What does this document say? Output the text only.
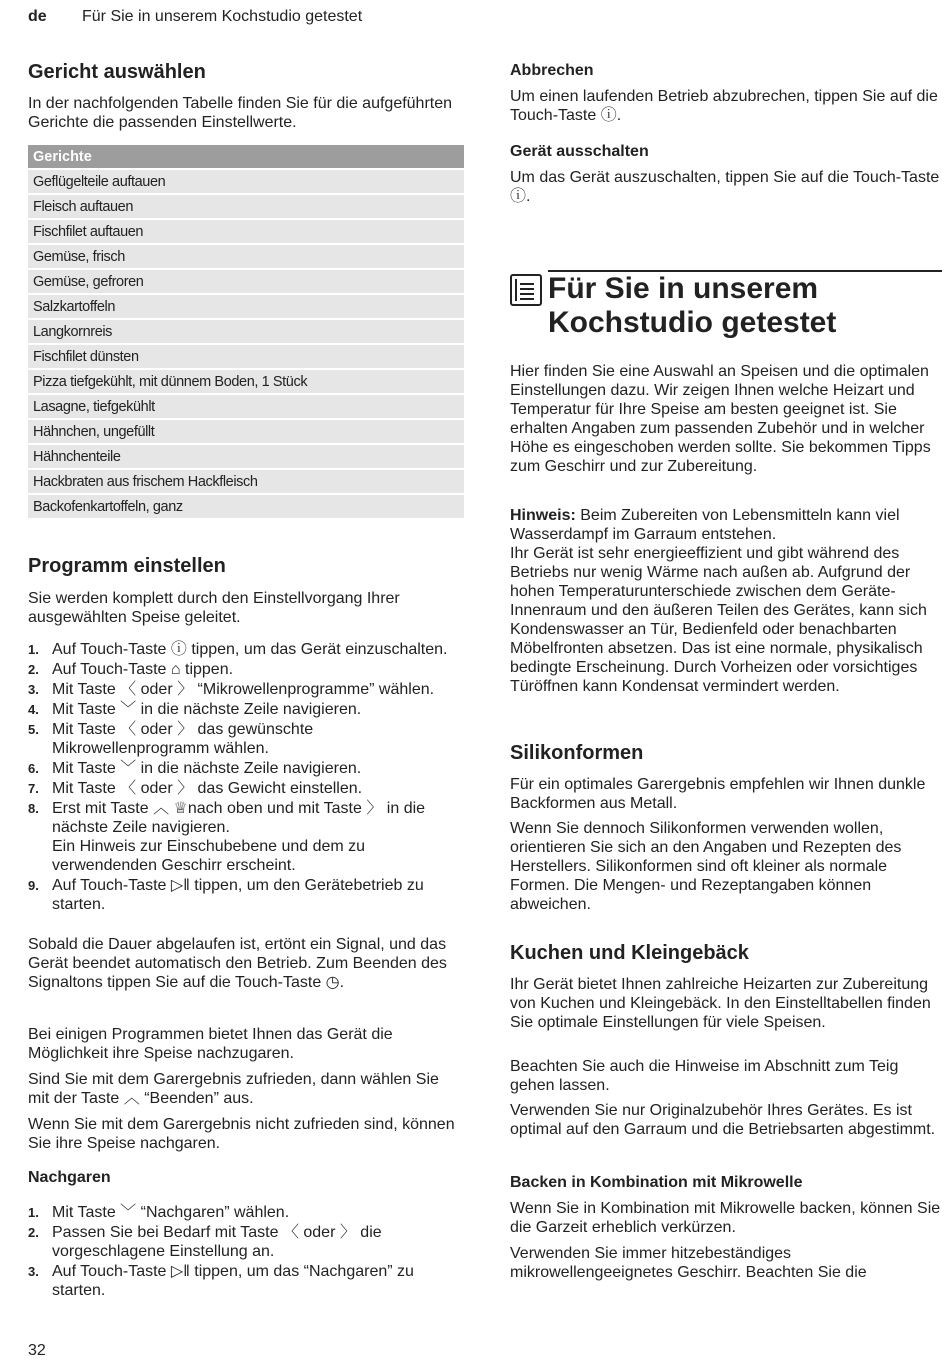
de Für Sie in unserem Kochstudio getestet
Gericht auswählen

In der nachfolgenden Tabelle finden Sie für die aufgeführten Gerichte die passenden Einstellwerte.

Gerichte
Geflügelteile auftauen
Fleisch auftauen
Fischfilet auftauen
Gemüse, frisch
Gemüse, gefroren
Salzkartoffeln
Langkornreis
Fischfilet dünsten
Pizza tiefgekühlt, mit dünnem Boden, 1 Stück
Lasagne, tiefgekühlt
Hähnchen, ungefüllt
Hähnchenteile
Hackbraten aus frischem Hackfleisch
Backofenkartoffeln, ganz
Programm einstellen

Sie werden komplett durch den Einstellvorgang Ihrer ausgewählten Speise geleitet.

1. Auf Touch-Taste ⓘ tippen, um das Gerät einzuschalten.
2. Auf Touch-Taste ⌂ tippen.
3. Mit Taste 〈 oder 〉 “Mikrowellenprogramme” wählen.
4. Mit Taste ﹀ in die nächste Zeile navigieren.
5. Mit Taste 〈 oder 〉 das gewünschte Mikrowellenprogramm wählen.
6. Mit Taste ﹀ in die nächste Zeile navigieren.
7. Mit Taste 〈 oder 〉 das Gewicht einstellen.
8. Erst mit Taste ︿ ♕nach oben und mit Taste 〉 in die nächste Zeile navigieren.
Ein Hinweis zur Einschubebene und dem zu verwendenden Geschirr erscheint.
9. Auf Touch-Taste ▷‖ tippen, um den Gerätebetrieb zu starten.

Sobald die Dauer abgelaufen ist, ertönt ein Signal, und das Gerät beendet automatisch den Betrieb. Zum Beenden des Signaltons tippen Sie auf die Touch-Taste ◷.

Bei einigen Programmen bietet Ihnen das Gerät die Möglichkeit ihre Speise nachzugaren.

Sind Sie mit dem Garergebnis zufrieden, dann wählen Sie mit der Taste ︿ “Beenden” aus.

Wenn Sie mit dem Garergebnis nicht zufrieden sind, können Sie ihre Speise nachgaren.

Nachgaren
1. Mit Taste ﹀ “Nachgaren” wählen.
2. Passen Sie bei Bedarf mit Taste 〈 oder 〉 die vorgeschlagene Einstellung an.
3. Auf Touch-Taste ▷‖ tippen, um das “Nachgaren” zu starten.
32
Abbrechen

Um einen laufenden Betrieb abzubrechen, tippen Sie auf die Touch-Taste ⓘ.

Gerät ausschalten

Um das Gerät auszuschalten, tippen Sie auf die Touch-Taste ⓘ.

Für Sie in unserem
Kochstudio getestet

Hier finden Sie eine Auswahl an Speisen und die optimalen Einstellungen dazu. Wir zeigen Ihnen welche Heizart und Temperatur für Ihre Speise am besten geeignet ist. Sie erhalten Angaben zum passenden Zubehör und in welcher Höhe es eingeschoben werden sollte. Sie bekommen Tipps zum Geschirr und zur Zubereitung.

Hinweis: Beim Zubereiten von Lebensmitteln kann viel Wasserdampf im Garraum entstehen.

Ihr Gerät ist sehr energieeffizient und gibt während des Betriebs nur wenig Wärme nach außen ab. Aufgrund der hohen Temperaturunterschiede zwischen dem Geräte-Innenraum und den äußeren Teilen des Gerätes, kann sich Kondenswasser an Tür, Bedienfeld oder benachbarten Möbelfronten absetzen. Das ist eine normale, physikalisch bedingte Erscheinung. Durch Vorheizen oder vorsichtiges Türöffnen kann Kondensat vermindert werden.

Silikonformen

Für ein optimales Garergebnis empfehlen wir Ihnen dunkle Backformen aus Metall.

Wenn Sie dennoch Silikonformen verwenden wollen, orientieren Sie sich an den Angaben und Rezepten des Herstellers. Silikonformen sind oft kleiner als normale Formen. Die Mengen- und Rezeptangaben können abweichen.

Kuchen und Kleingebäck

Ihr Gerät bietet Ihnen zahlreiche Heizarten zur Zubereitung von Kuchen und Kleingebäck. In den Einstelltabellen finden Sie optimale Einstellungen für viele Speisen.

Beachten Sie auch die Hinweise im Abschnitt zum Teig gehen lassen.

Verwenden Sie nur Originalzubehör Ihres Gerätes. Es ist optimal auf den Garraum und die Betriebsarten abgestimmt.

Backen in Kombination mit Mikrowelle

Wenn Sie in Kombination mit Mikrowelle backen, können Sie die Garzeit erheblich verkürzen.

Verwenden Sie immer hitzebeständiges mikrowellengeeignetes Geschirr. Beachten Sie die
